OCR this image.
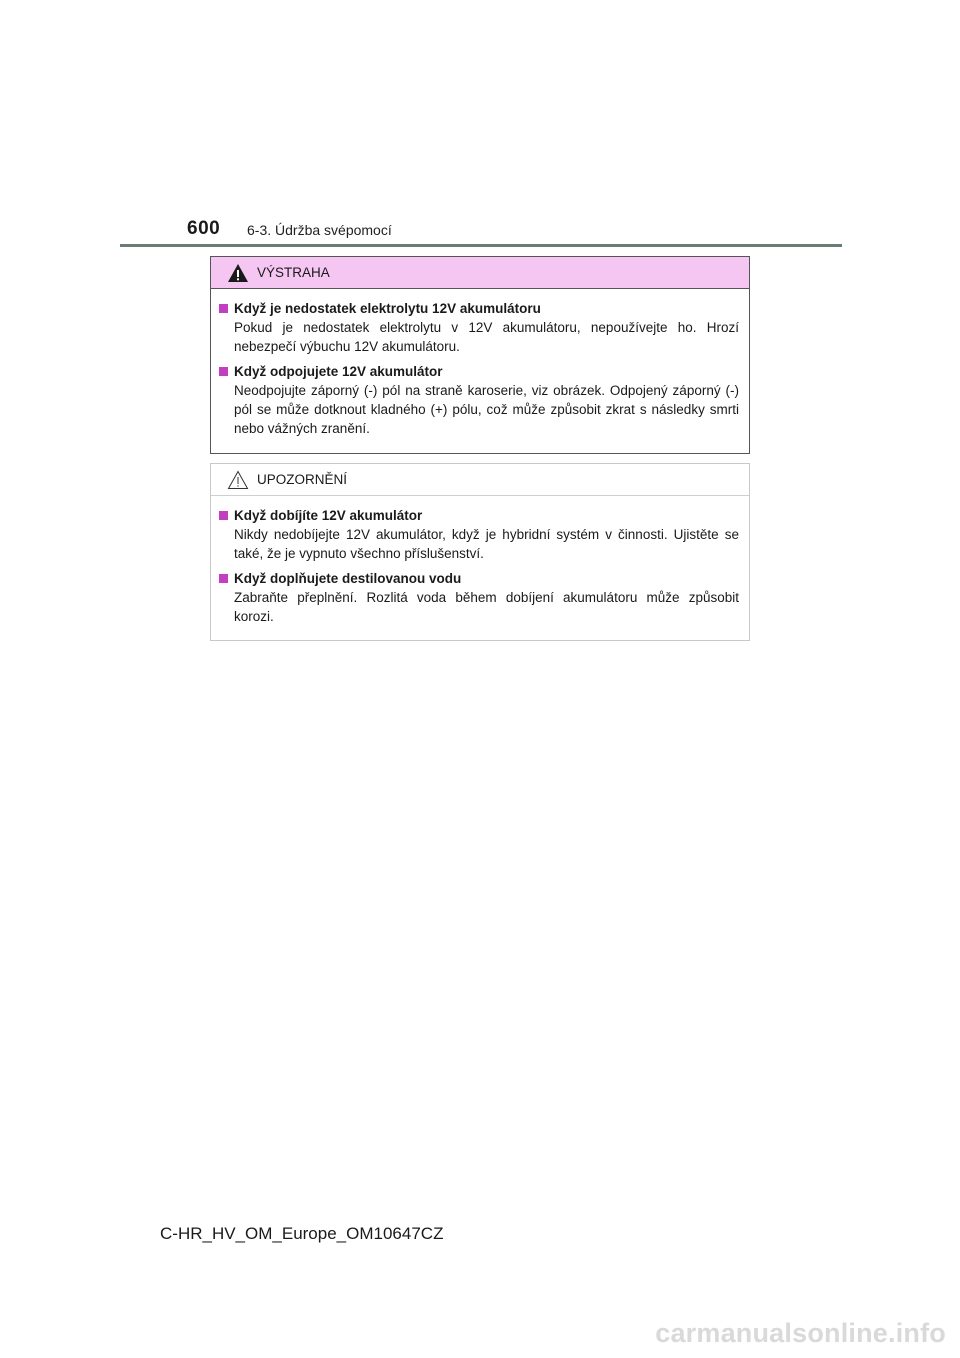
600 6-3. Údržba svépomocí
VÝSTRAHA
Když je nedostatek elektrolytu 12V akumulátoru
Pokud je nedostatek elektrolytu v 12V akumulátoru, nepoužívejte ho. Hrozí nebezpečí výbuchu 12V akumulátoru.
Když odpojujete 12V akumulátor
Neodpojujte záporný (-) pól na straně karoserie, viz obrázek. Odpojený záporný (-) pól se může dotknout kladného (+) pólu, což může způsobit zkrat s následky smrti nebo vážných zranění.
UPOZORNĚNÍ
Když dobíjíte 12V akumulátor
Nikdy nedobíjejte 12V akumulátor, když je hybridní systém v činnosti. Ujistěte se také, že je vypnuto všechno příslušenství.
Když doplňujete destilovanou vodu
Zabraňte přeplnění. Rozlitá voda během dobíjení akumulátoru může způsobit korozi.
C-HR_HV_OM_Europe_OM10647CZ
carmanualsonline.info
